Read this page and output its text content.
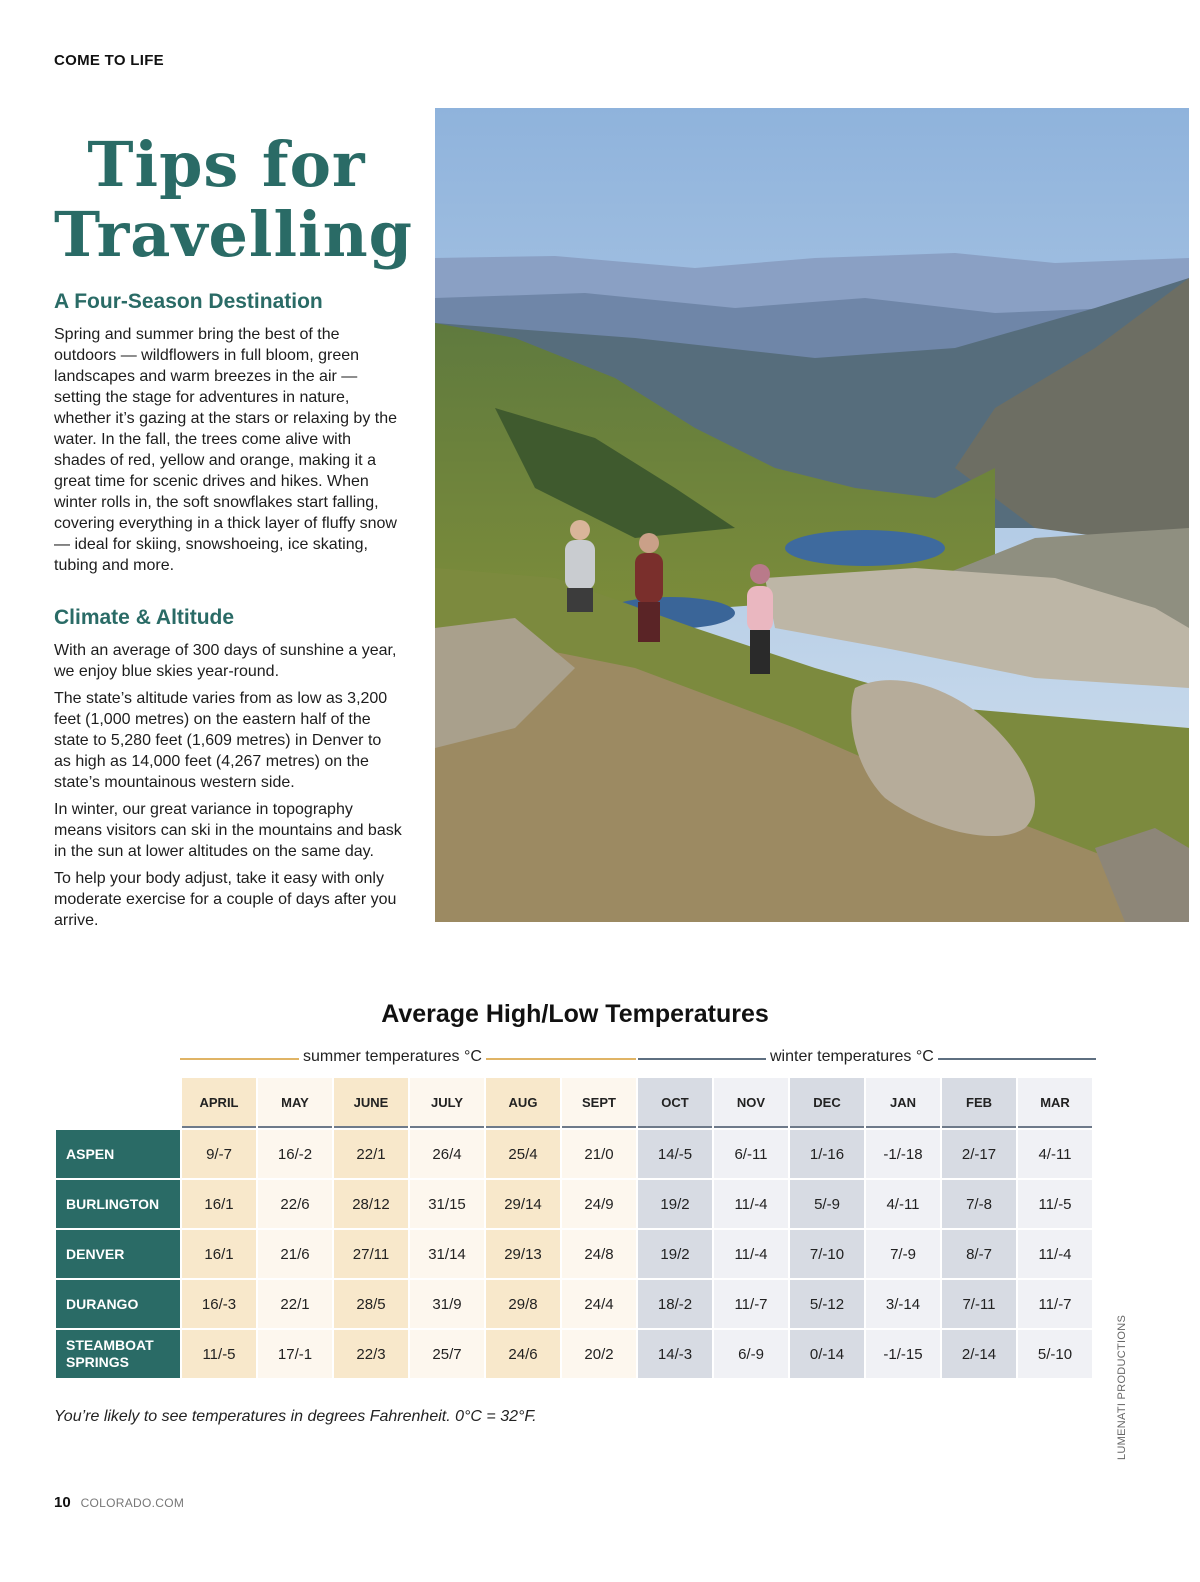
COME TO LIFE
Tips for
Travelling
A Four-Season Destination

Spring and summer bring the best of the outdoors — wildflowers in full bloom, green landscapes and warm breezes in the air — setting the stage for adventures in nature, whether it’s gazing at the stars or relaxing by the water. In the fall, the trees come alive with shades of red, yellow and orange, making it a great time for scenic drives and hikes. When winter rolls in, the soft snowflakes start falling, covering everything in a thick layer of fluffy snow — ideal for skiing, snowshoeing, ice skating, tubing and more.

Climate & Altitude

With an average of 300 days of sunshine a year, we enjoy blue skies year-round.

The state’s altitude varies from as low as 3,200 feet (1,000 metres) on the eastern half of the state to 5,280 feet (1,609 metres) in Denver to as high as 14,000 feet (4,267 metres) on the state’s mountainous western side.

In winter, our great variance in topography means visitors can ski in the mountains and bask in the sun at lower altitudes on the same day.

To help your body adjust, take it easy with only moderate exercise for a couple of days after you arrive.

Average High/Low Temperatures
summer temperatures °C	winter temperatures °C
	APRIL	MAY	JUNE	JULY	AUG	SEPT	OCT	NOV	DEC	JAN	FEB	MAR
ASPEN	9/-7	16/-2	22/1	26/4	25/4	21/0	14/-5	6/-11	1/-16	-1/-18	2/-17	4/-11
BURLINGTON	16/1	22/6	28/12	31/15	29/14	24/9	19/2	11/-4	5/-9	4/-11	7/-8	11/-5
DENVER	16/1	21/6	27/11	31/14	29/13	24/8	19/2	11/-4	7/-10	7/-9	8/-7	11/-4
DURANGO	16/-3	22/1	28/5	31/9	29/8	24/4	18/-2	11/-7	5/-12	3/-14	7/-11	11/-7
STEAMBOAT
SPRINGS	11/-5	17/-1	22/3	25/7	24/6	20/2	14/-3	6/-9	0/-14	-1/-15	2/-14	5/-10

You’re likely to see temperatures in degrees Fahrenheit. 0°C = 32°F.	LUMENATI PRODUCTIONS
10 COLORADO.COM
